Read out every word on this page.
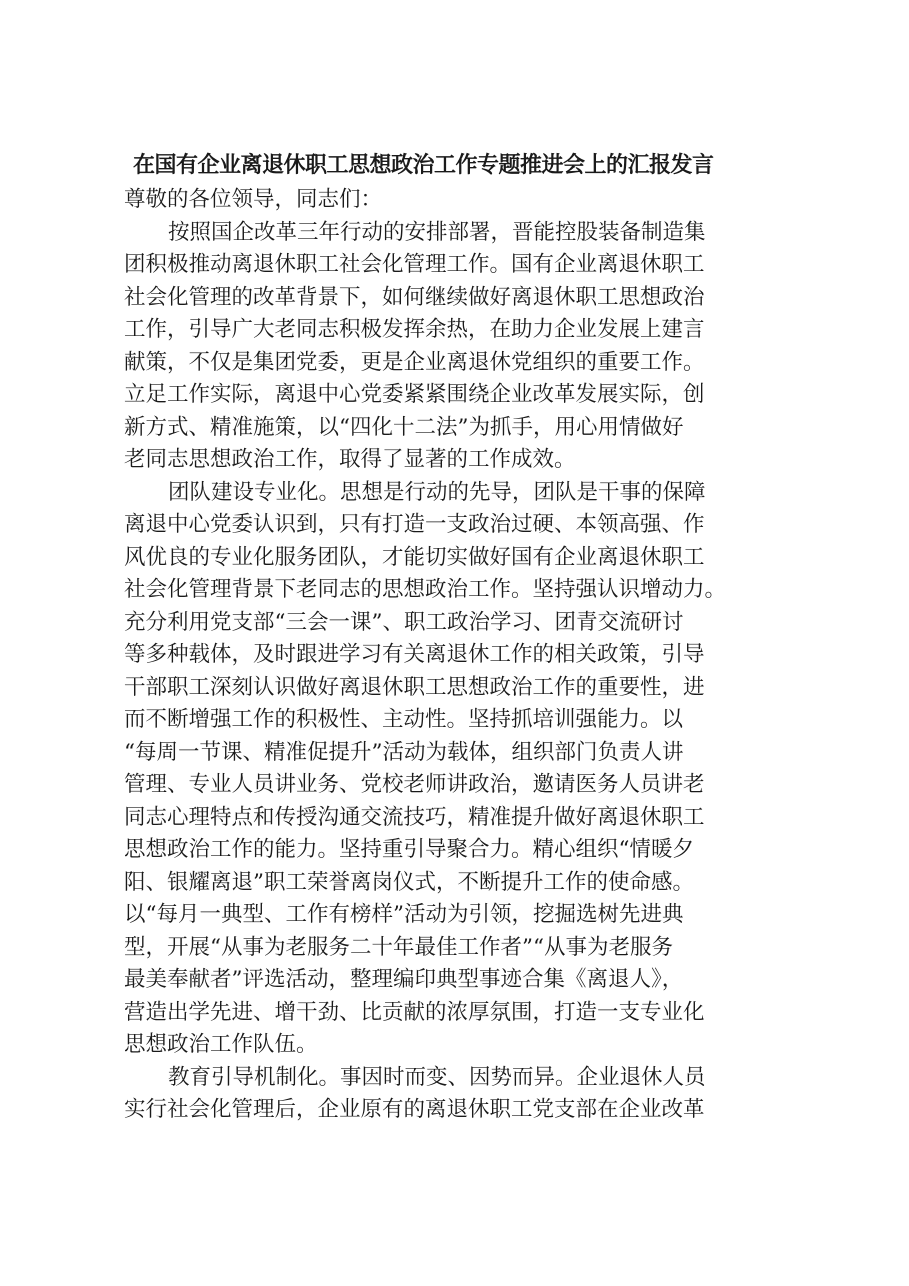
在国有企业离退休职工思想政治工作专题推进会上的汇报发言
尊敬的各位领导，同志们：
按照国企改革三年行动的安排部署，晋能控股装备制造集
团积极推动离退休职工社会化管理工作。国有企业离退休职工
社会化管理的改革背景下，如何继续做好离退休职工思想政治
工作，引导广大老同志积极发挥余热，在助力企业发展上建言
献策，不仅是集团党委，更是企业离退休党组织的重要工作。
立足工作实际，离退中心党委紧紧围绕企业改革发展实际，创
新方式、精准施策，以“四化十二法”为抓手，用心用情做好
老同志思想政治工作，取得了显著的工作成效。
团队建设专业化。思想是行动的先导，团队是干事的保障
离退中心党委认识到，只有打造一支政治过硬、本领高强、作
风优良的专业化服务团队，才能切实做好国有企业离退休职工
社会化管理背景下老同志的思想政治工作。坚持强认识增动力。
充分利用党支部“三会一课”、职工政治学习、团青交流研讨
等多种载体，及时跟进学习有关离退休工作的相关政策，引导
干部职工深刻认识做好离退休职工思想政治工作的重要性，进
而不断增强工作的积极性、主动性。坚持抓培训强能力。以
“每周一节课、精准促提升”活动为载体，组织部门负责人讲
管理、专业人员讲业务、党校老师讲政治，邀请医务人员讲老
同志心理特点和传授沟通交流技巧，精准提升做好离退休职工
思想政治工作的能力。坚持重引导聚合力。精心组织“情暖夕
阳、银耀离退”职工荣誉离岗仪式，不断提升工作的使命感。
以“每月一典型、工作有榜样”活动为引领，挖掘选树先进典
型，开展“从事为老服务二十年最佳工作者”“从事为老服务
最美奉献者”评选活动，整理编印典型事迹合集《离退人》，
营造出学先进、增干劲、比贡献的浓厚氛围，打造一支专业化
思想政治工作队伍。
教育引导机制化。事因时而变、因势而异。企业退休人员
实行社会化管理后，企业原有的离退休职工党支部在企业改革
